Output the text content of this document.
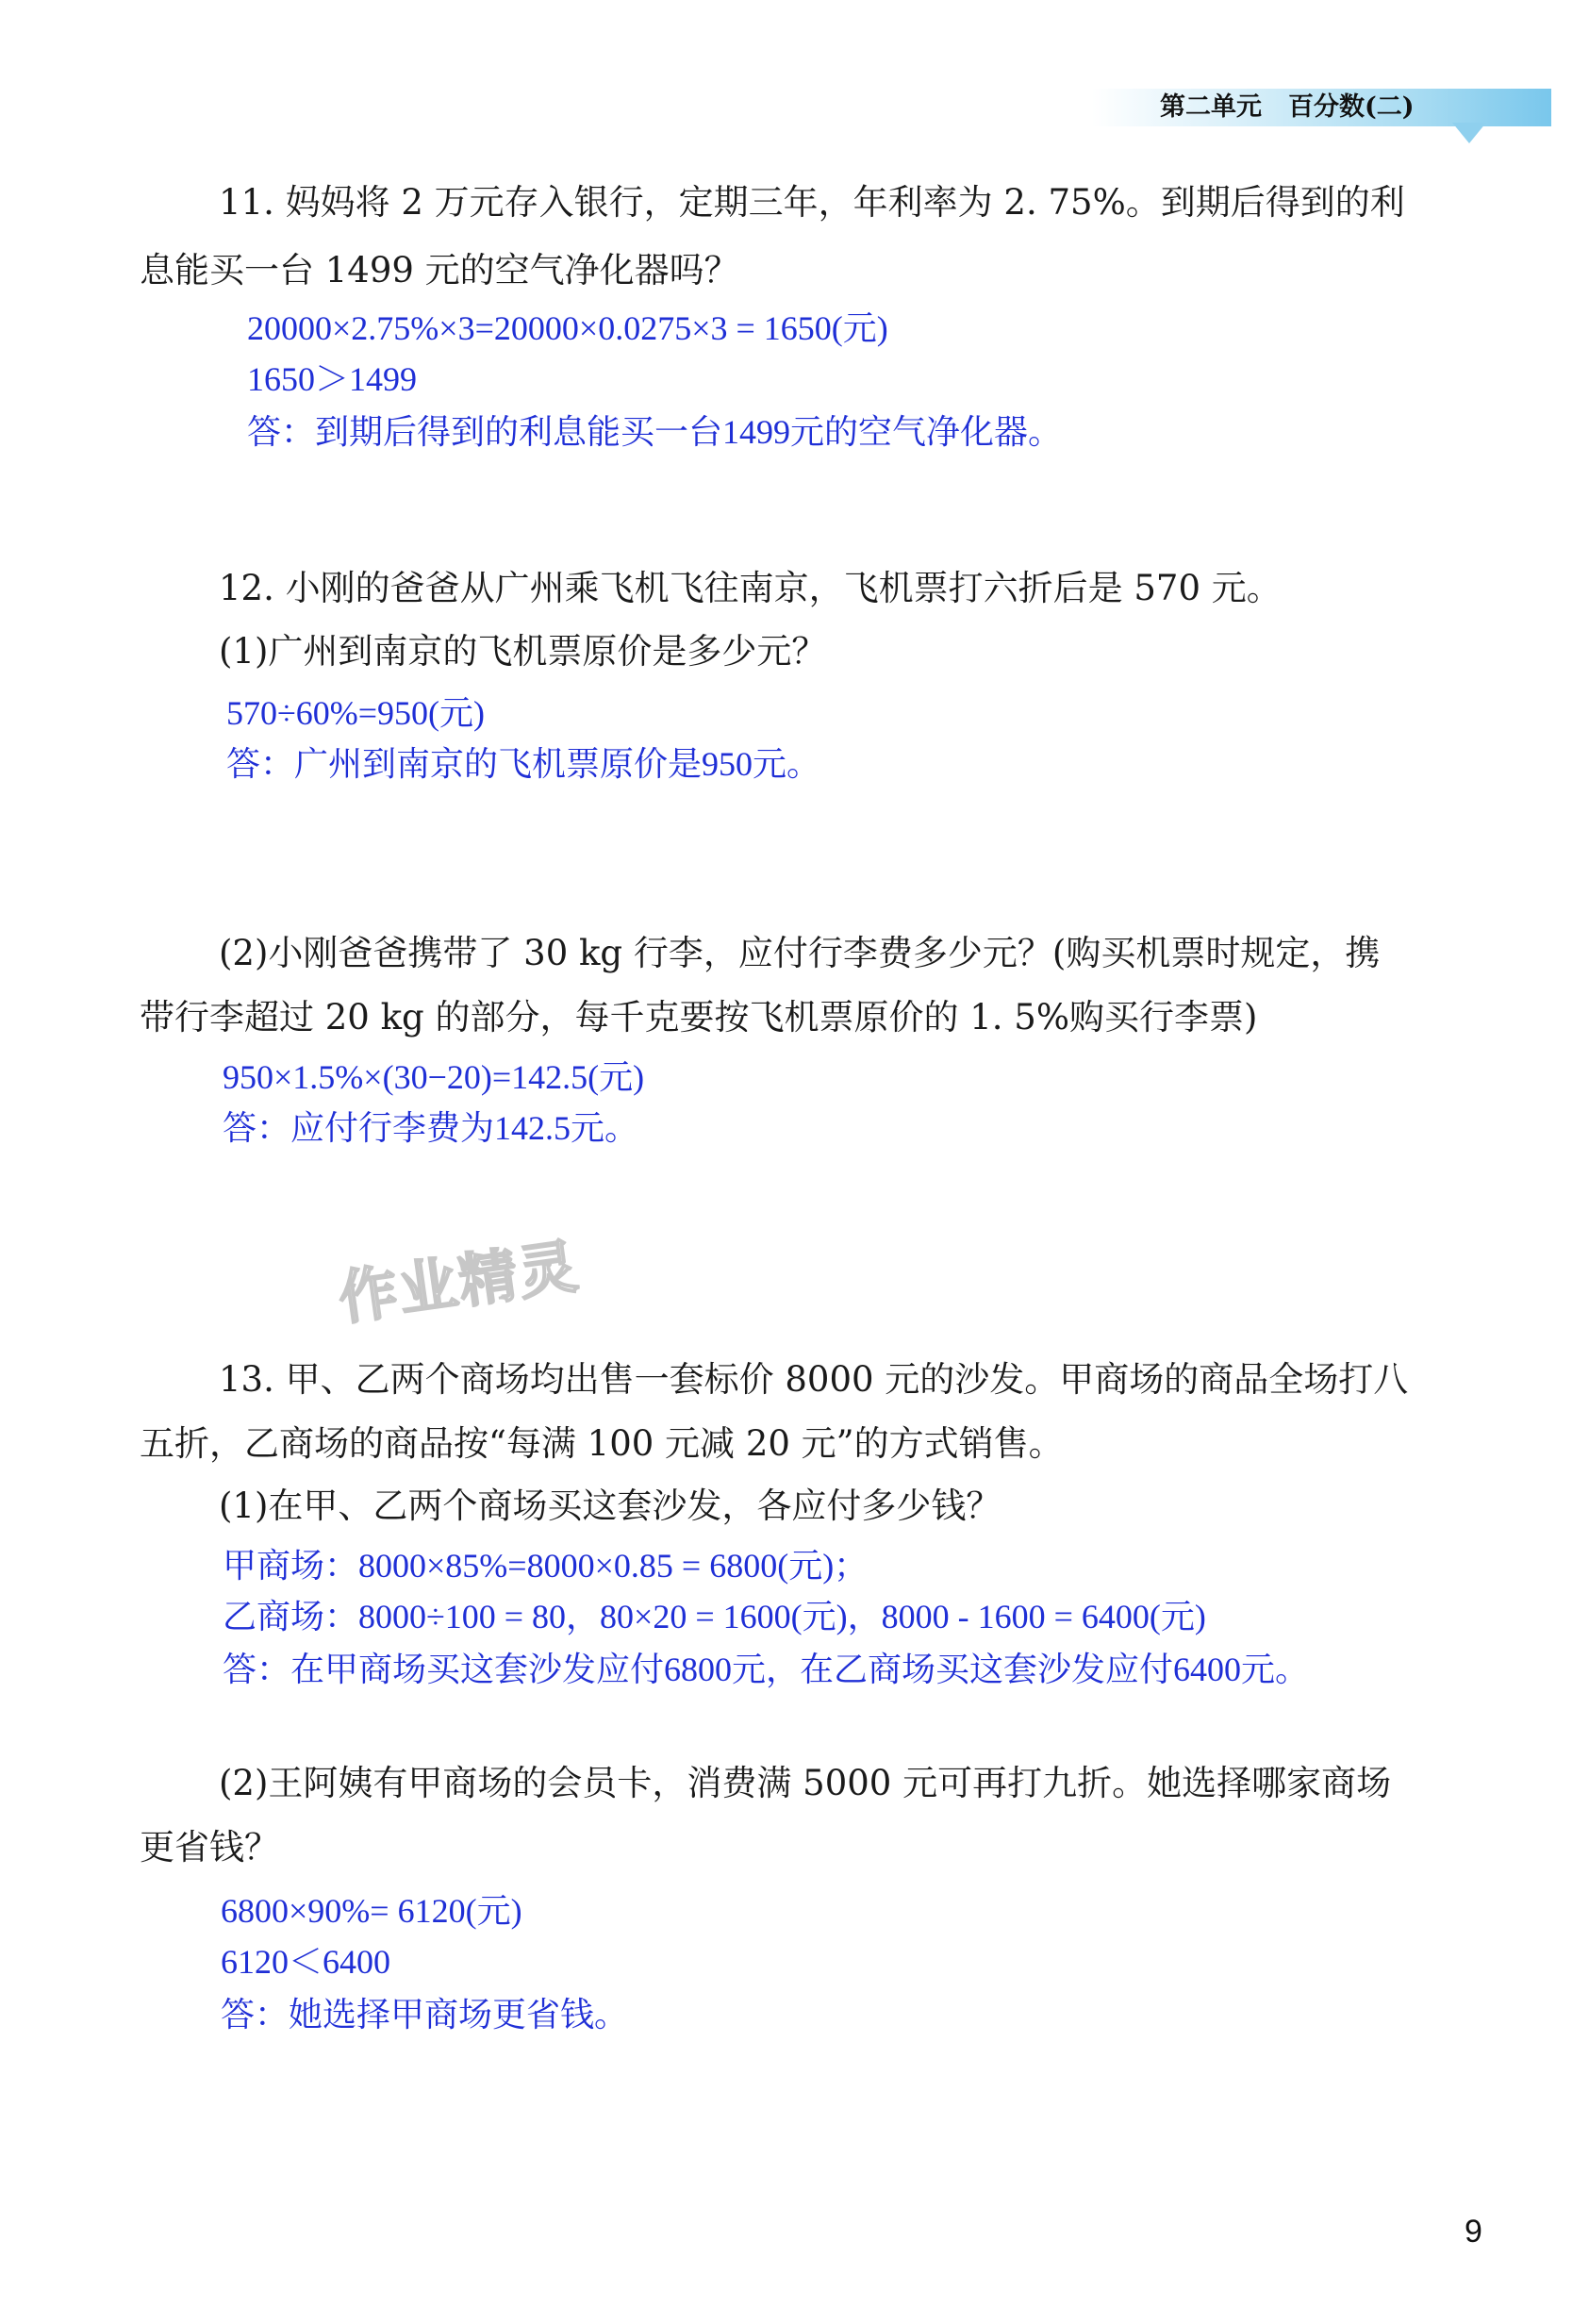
第二单元 百分数(二)
11. 妈妈将 2 万元存入银行，定期三年，年利率为 2. 75%。到期后得到的利
息能买一台 1499 元的空气净化器吗？
20000×2.75%×3=20000×0.0275×3 = 1650(元)
1650＞1499
答：到期后得到的利息能买一台1499元的空气净化器。
12. 小刚的爸爸从广州乘飞机飞往南京，飞机票打六折后是 570 元。
(1)广州到南京的飞机票原价是多少元？
570÷60%=950(元)
答：广州到南京的飞机票原价是950元。
(2)小刚爸爸携带了 30 kg 行李，应付行李费多少元？(购买机票时规定，携
带行李超过 20 kg 的部分，每千克要按飞机票原价的 1. 5%购买行李票)
950×1.5%×(30−20)=142.5(元)
答：应付行李费为142.5元。
作业精灵
13. 甲、乙两个商场均出售一套标价 8000 元的沙发。甲商场的商品全场打八
五折，乙商场的商品按“每满 100 元减 20 元”的方式销售。
(1)在甲、乙两个商场买这套沙发，各应付多少钱？
甲商场：8000×85%=8000×0.85 = 6800(元)；
乙商场：8000÷100 = 80，80×20 = 1600(元)，8000 - 1600 = 6400(元)
答：在甲商场买这套沙发应付6800元，在乙商场买这套沙发应付6400元。
(2)王阿姨有甲商场的会员卡，消费满 5000 元可再打九折。她选择哪家商场
更省钱？
6800×90%= 6120(元)
6120＜6400
答：她选择甲商场更省钱。
9
